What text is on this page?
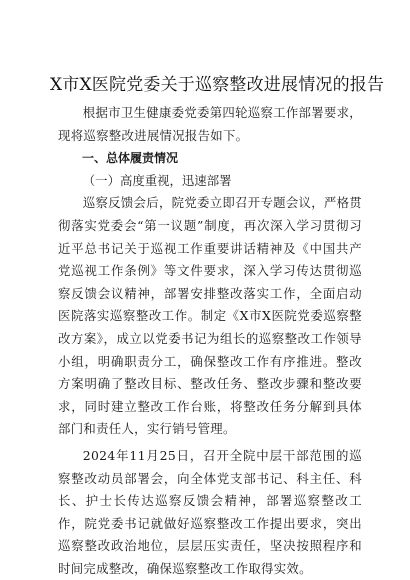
X市X医院党委关于巡察整改进展情况的报告

根据市卫生健康委党委第四轮巡察工作部署要求，现将巡察整改进展情况报告如下。

一、总体履责情况

（一）高度重视，迅速部署

巡察反馈会后，院党委立即召开专题会议，严格贯彻落实党委会“第一议题”制度，再次深入学习贯彻习近平总书记关于巡视工作重要讲话精神及《中国共产党巡视工作条例》等文件要求，深入学习传达贯彻巡察反馈会议精神，部署安排整改落实工作，全面启动医院落实巡察整改工作。制定《X市X医院党委巡察整改方案》，成立以党委书记为组长的巡察整改工作领导小组，明确职责分工，确保整改工作有序推进。整改方案明确了整改目标、整改任务、整改步骤和整改要求，同时建立整改工作台账，将整改任务分解到具体部门和责任人，实行销号管理。

2024年11月25日，召开全院中层干部范围的巡察整改动员部署会，向全体党支部书记、科主任、科长、护士长传达巡察反馈会精神，部署巡察整改工作，院党委书记就做好巡察整改工作提出要求，突出巡察整改政治地位，层层压实责任，坚决按照程序和时间完成整改，确保巡察整改工作取得实效。
